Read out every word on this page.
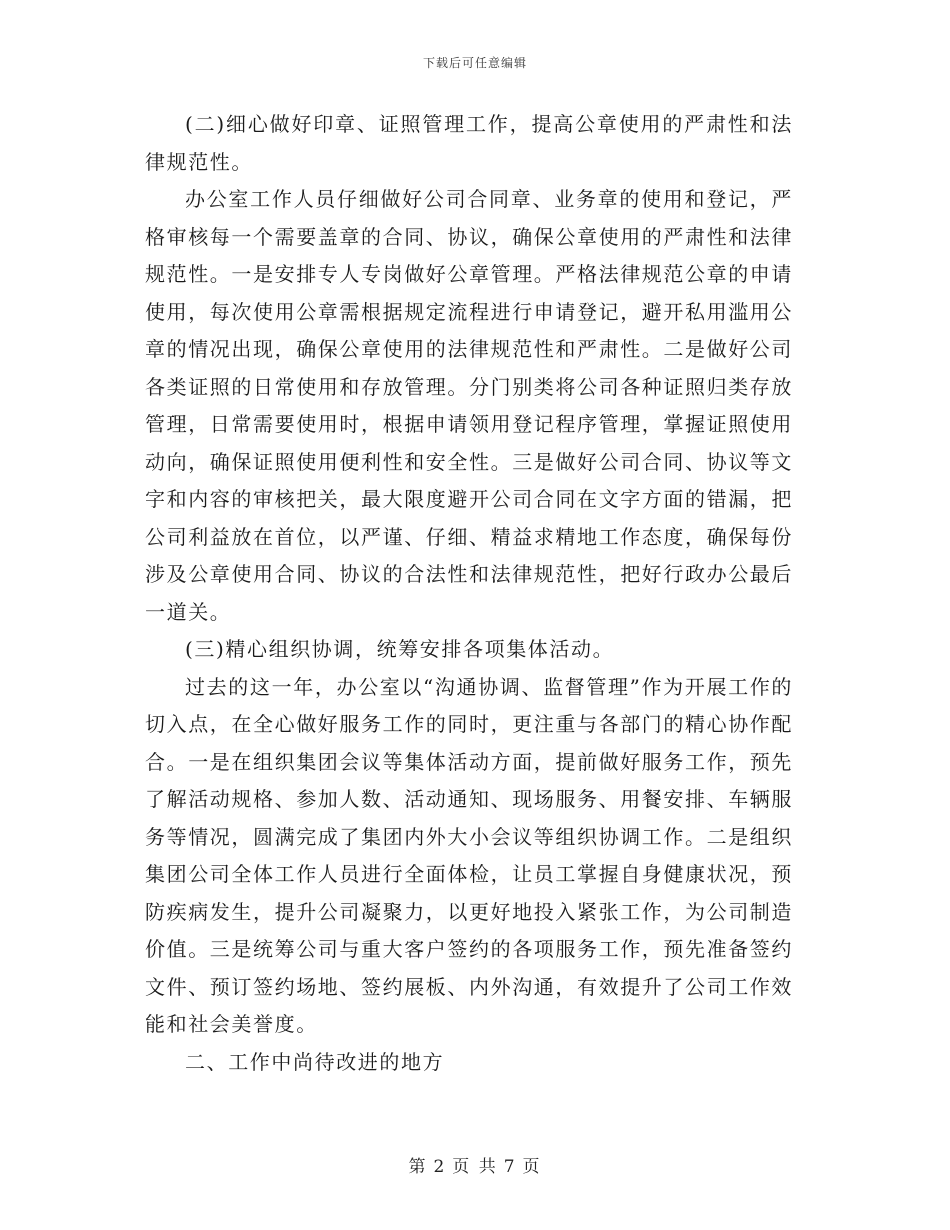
下载后可任意编辑

(二)细心做好印章、证照管理工作，提高公章使用的严肃性和法律规范性。

办公室工作人员仔细做好公司合同章、业务章的使用和登记，严格审核每一个需要盖章的合同、协议，确保公章使用的严肃性和法律规范性。一是安排专人专岗做好公章管理。严格法律规范公章的申请使用，每次使用公章需根据规定流程进行申请登记，避开私用滥用公章的情况出现，确保公章使用的法律规范性和严肃性。二是做好公司各类证照的日常使用和存放管理。分门别类将公司各种证照归类存放管理，日常需要使用时，根据申请领用登记程序管理，掌握证照使用动向，确保证照使用便利性和安全性。三是做好公司合同、协议等文字和内容的审核把关，最大限度避开公司合同在文字方面的错漏，把公司利益放在首位，以严谨、仔细、精益求精地工作态度，确保每份涉及公章使用合同、协议的合法性和法律规范性，把好行政办公最后一道关。

(三)精心组织协调，统筹安排各项集体活动。

过去的这一年，办公室以“沟通协调、监督管理”作为开展工作的切入点，在全心做好服务工作的同时，更注重与各部门的精心协作配合。一是在组织集团会议等集体活动方面，提前做好服务工作，预先了解活动规格、参加人数、活动通知、现场服务、用餐安排、车辆服务等情况，圆满完成了集团内外大小会议等组织协调工作。二是组织集团公司全体工作人员进行全面体检，让员工掌握自身健康状况，预防疾病发生，提升公司凝聚力，以更好地投入紧张工作，为公司制造价值。三是统筹公司与重大客户签约的各项服务工作，预先准备签约文件、预订签约场地、签约展板、内外沟通，有效提升了公司工作效能和社会美誉度。

二、工作中尚待改进的地方

第 2 页 共 7 页
